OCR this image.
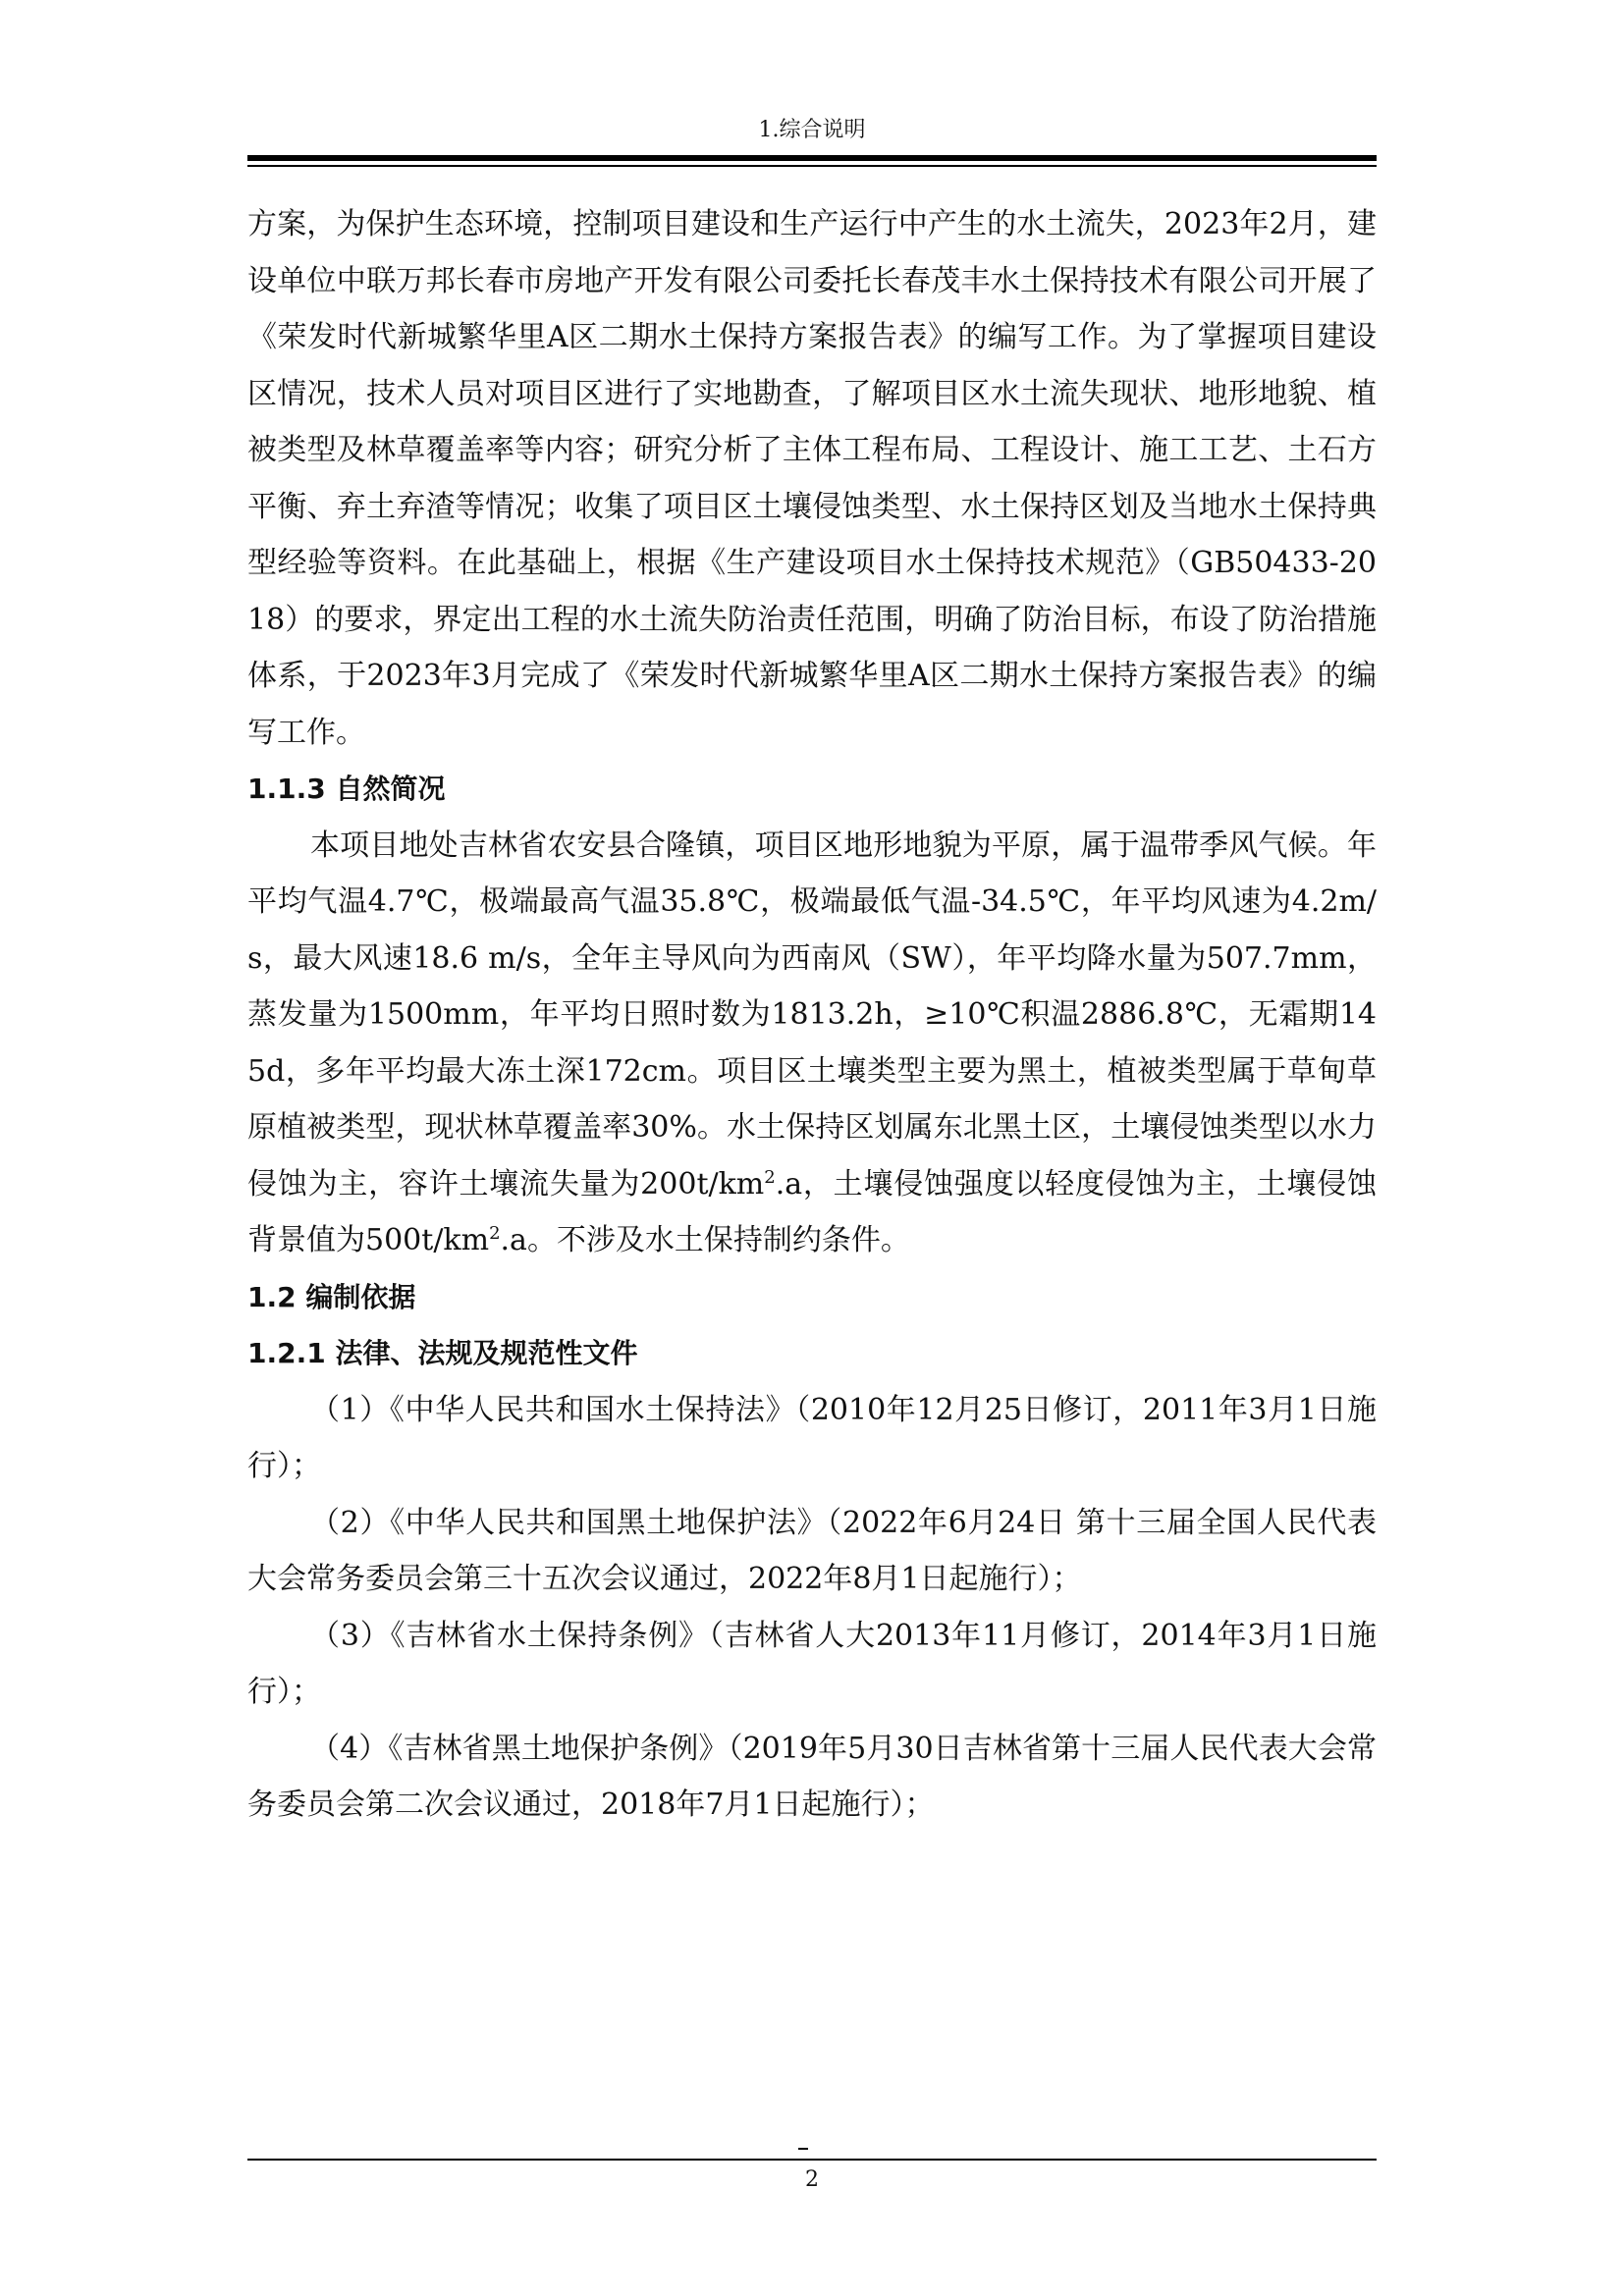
1.综合说明

方案，为保护生态环境，控制项目建设和生产运行中产生的水土流失，2023年2月，建设单位中联万邦长春市房地产开发有限公司委托长春茂丰水土保持技术有限公司开展了《荣发时代新城繁华里A区二期水土保持方案报告表》的编写工作。为了掌握项目建设区情况，技术人员对项目区进行了实地勘查，了解项目区水土流失现状、地形地貌、植被类型及林草覆盖率等内容；研究分析了主体工程布局、工程设计、施工工艺、土石方平衡、弃土弃渣等情况；收集了项目区土壤侵蚀类型、水土保持区划及当地水土保持典型经验等资料。在此基础上，根据《生产建设项目水土保持技术规范》（GB50433-2018）的要求，界定出工程的水土流失防治责任范围，明确了防治目标，布设了防治措施体系，于2023年3月完成了《荣发时代新城繁华里A区二期水土保持方案报告表》的编写工作。

1.1.3 自然简况

本项目地处吉林省农安县合隆镇，项目区地形地貌为平原，属于温带季风气候。年平均气温4.7℃，极端最高气温35.8℃，极端最低气温-34.5℃，年平均风速为4.2m/s，最大风速18.6 m/s，全年主导风向为西南风（SW），年平均降水量为507.7mm，蒸发量为1500mm，年平均日照时数为1813.2h，≥10℃积温2886.8℃，无霜期145d，多年平均最大冻土深172cm。项目区土壤类型主要为黑土，植被类型属于草甸草原植被类型，现状林草覆盖率30%。水土保持区划属东北黑土区，土壤侵蚀类型以水力侵蚀为主，容许土壤流失量为$200t/km^2.a$，土壤侵蚀强度以轻度侵蚀为主，土壤侵蚀背景值为$500t/km^2.a$。不涉及水土保持制约条件。

1.2 编制依据

1.2.1 法律、法规及规范性文件

（1）《中华人民共和国水土保持法》（2010年12月25日修订，2011年3月1日施行）；

（2）《中华人民共和国黑土地保护法》（2022年6月24日 第十三届全国人民代表大会常务委员会第三十五次会议通过，2022年8月1日起施行）；

（3）《吉林省水土保持条例》（吉林省人大2013年11月修订，2014年3月1日施行）；

（4）《吉林省黑土地保护条例》（2019年5月30日吉林省第十三届人民代表大会常务委员会第二次会议通过，2018年7月1日起施行）；

2
